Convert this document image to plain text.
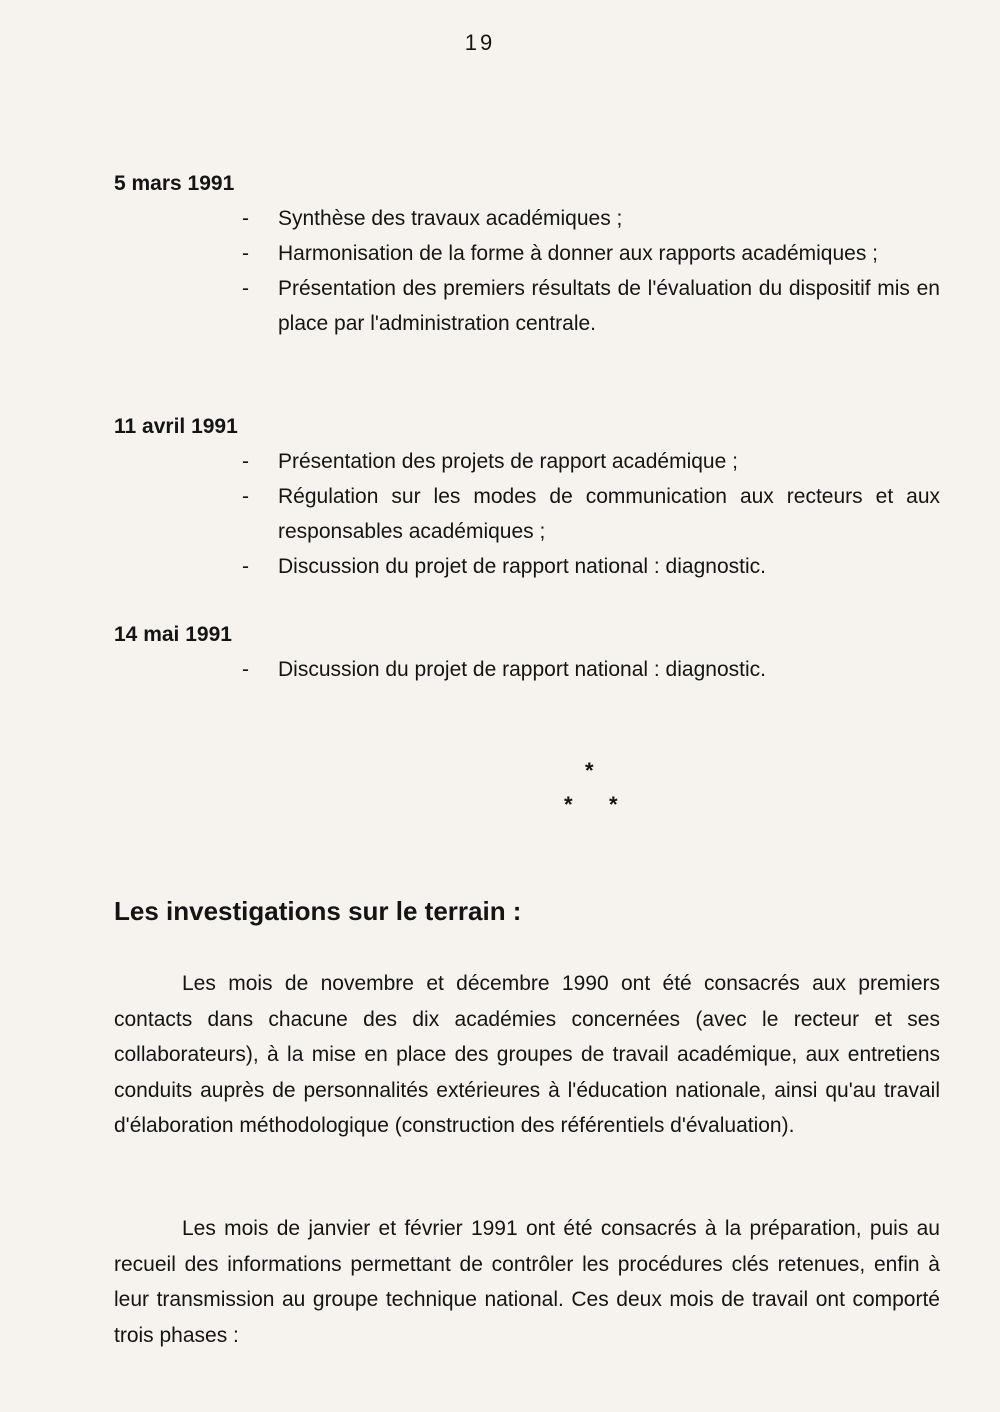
19

5 mars 1991

- Synthèse des travaux académiques ;
- Harmonisation de la forme à donner aux rapports académiques ;
- Présentation des premiers résultats de l'évaluation du dispositif mis en place par l'administration centrale.

11 avril 1991

- Présentation des projets de rapport académique ;
- Régulation sur les modes de communication aux recteurs et aux responsables académiques ;
- Discussion du projet de rapport national : diagnostic.

14 mai 1991

- Discussion du projet de rapport national : diagnostic.
*
* *
Les investigations sur le terrain :

Les mois de novembre et décembre 1990 ont été consacrés aux premiers contacts dans chacune des dix académies concernées (avec le recteur et ses collaborateurs), à la mise en place des groupes de travail académique, aux entretiens conduits auprès de personnalités extérieures à l'éducation nationale, ainsi qu'au travail d'élaboration méthodologique (construction des référentiels d'évaluation).

Les mois de janvier et février 1991 ont été consacrés à la préparation, puis au recueil des informations permettant de contrôler les procédures clés retenues, enfin à leur transmission au groupe technique national. Ces deux mois de travail ont comporté trois phases :
